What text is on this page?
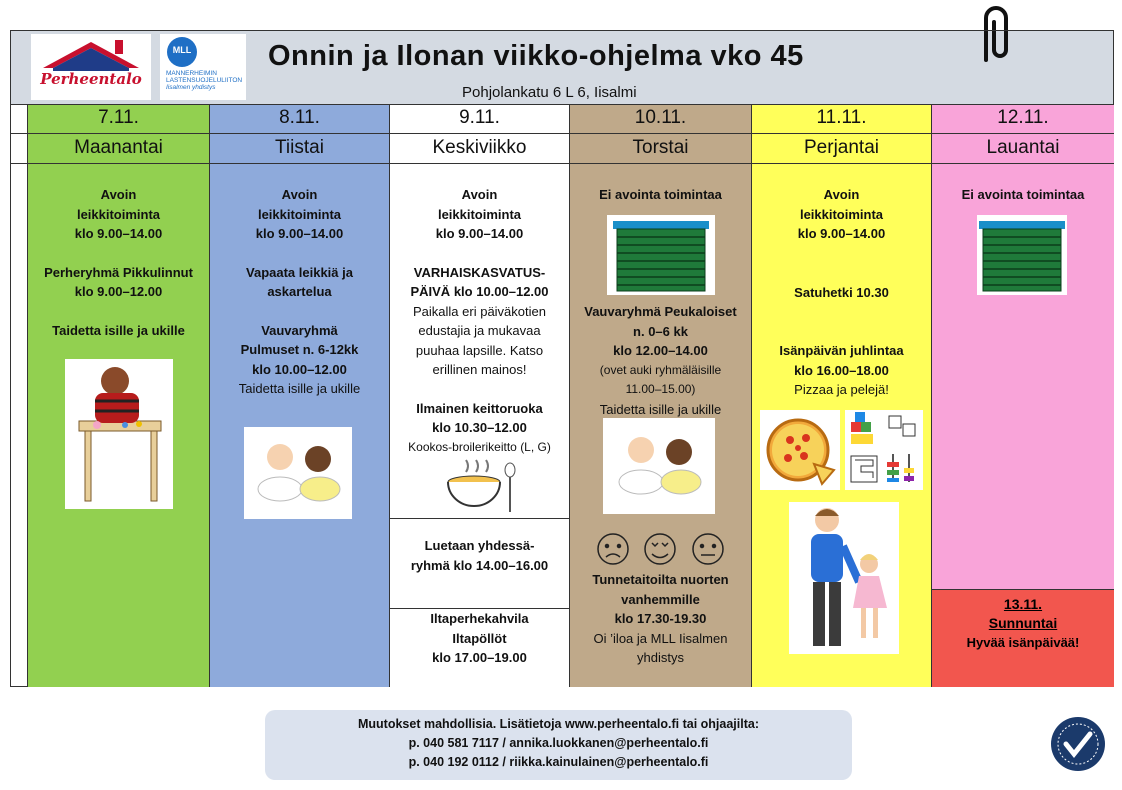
Perheentalo
MLL
MANNERHEIMIN
LASTENSUOJELULIITON
Iisalmen yhdistys
Onnin ja Ilonan viikko-ohjelma vko 45
Pohjolankatu 6 L 6, Iisalmi
7.11.
Maanantai
Avoin
leikkitoiminta
klo 9.00–14.00
Perheryhmä Pikkulinnut
klo 9.00–12.00
Taidetta isille ja ukille
8.11.
Tiistai
Avoin
leikkitoiminta
klo 9.00–14.00
Vapaata leikkiä ja
askartelua
Vauvaryhmä
Pulmuset n. 6-12kk
klo 10.00–12.00
Taidetta isille ja ukille
9.11.
Keskiviikko
Avoin
leikkitoiminta
klo 9.00–14.00
VARHAISKASVATUS-
PÄIVÄ klo 10.00–12.00
Paikalla eri päiväkotien
edustajia ja mukavaa
puuhaa lapsille. Katso
erillinen mainos!
Ilmainen keittoruoka
klo 10.30–12.00
Kookos-broilerikeitto (L, G)
Luetaan yhdessä-
ryhmä klo 14.00–16.00
Iltaperhekahvila
Iltapöllöt
klo 17.00–19.00
10.11.
Torstai
Ei avointa toimintaa
Vauvaryhmä Peukaloiset
n. 0–6 kk
klo 12.00–14.00
(ovet auki ryhmäläisille
11.00–15.00)
Taidetta isille ja ukille
Tunnetaitoilta nuorten
vanhemmille
klo 17.30-19.30
Oi ’iloa ja MLL Iisalmen
yhdistys
11.11.
Perjantai
Avoin
leikkitoiminta
klo 9.00–14.00
Satuhetki 10.30
Isänpäivän juhlintaa
klo 16.00–18.00
Pizzaa ja pelejä!
12.11.
Lauantai
Ei avointa toimintaa
13.11.
Sunnuntai
Hyvää isänpäivää!
Muutokset mahdollisia. Lisätietoja www.perheentalo.fi tai ohjaajilta:
p. 040 581 7117 / annika.luokkanen@perheentalo.fi
p. 040 192 0112 / riikka.kainulainen@perheentalo.fi
